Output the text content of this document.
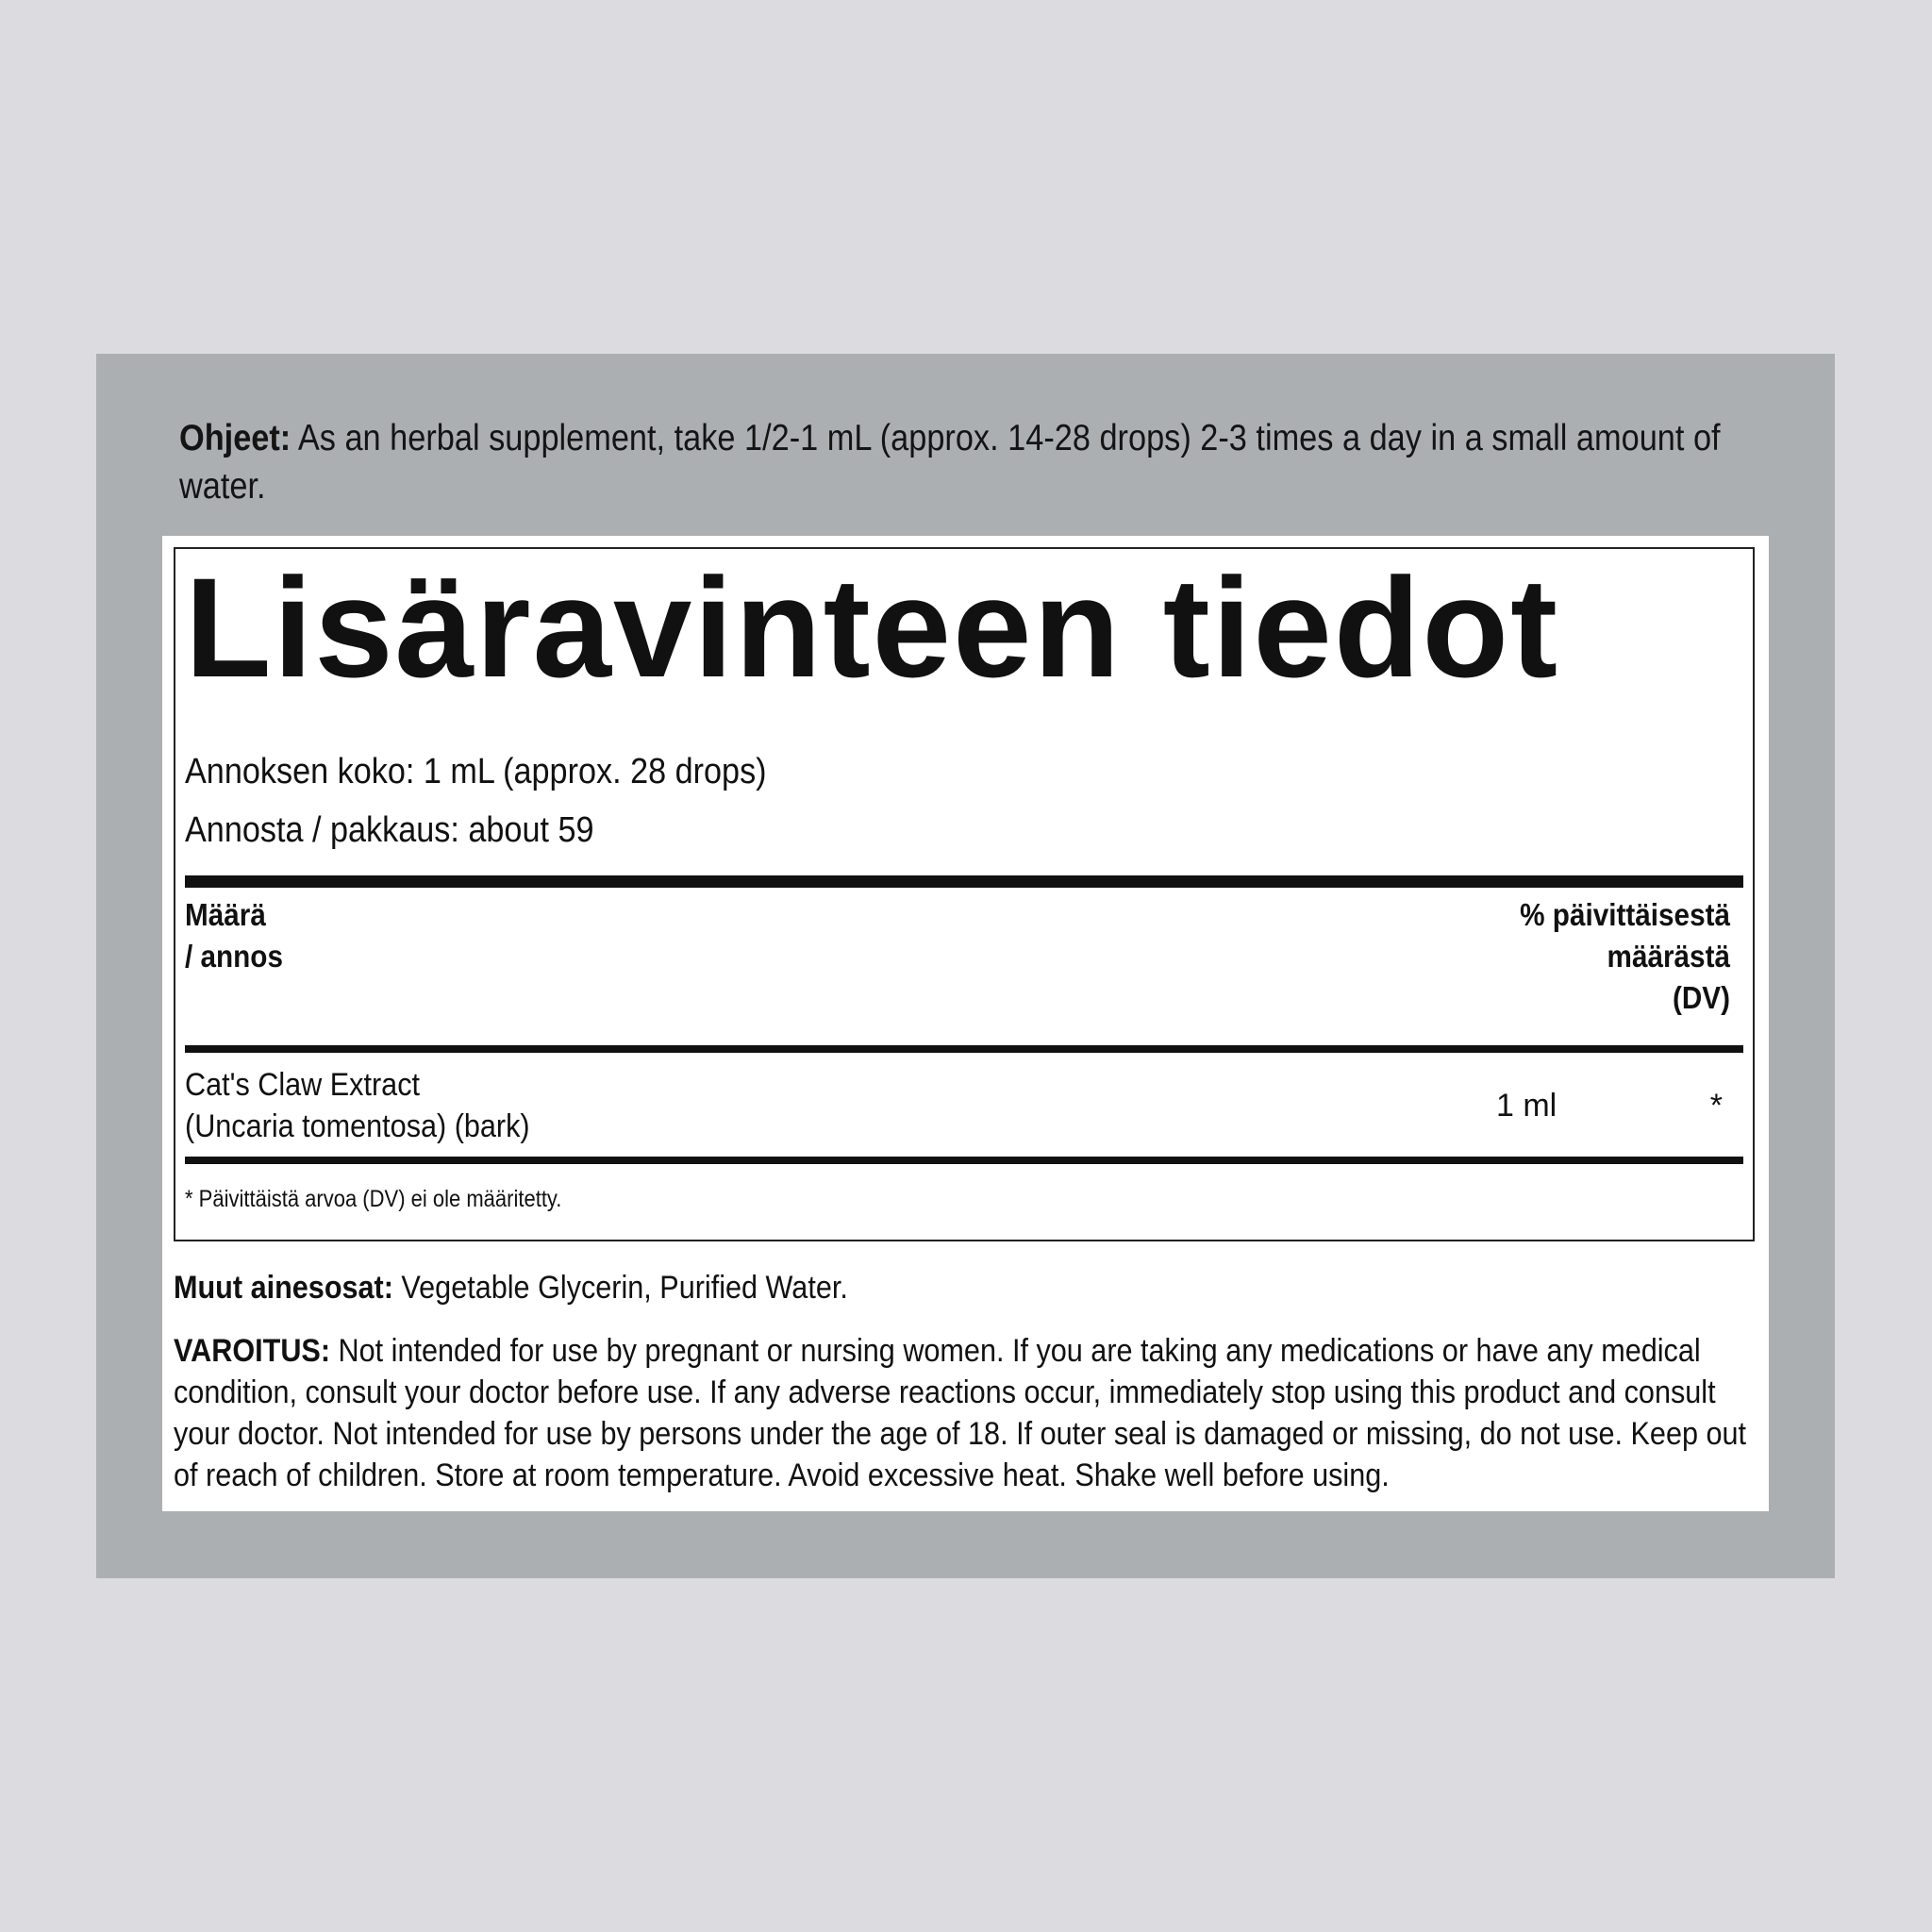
Ohjeet: As an herbal supplement, take 1/2-1 mL (approx. 14-28 drops) 2-3 times a day in a small amount of water.
Lisäravinteen tiedot
Annoksen koko: 1 mL (approx. 28 drops)
Annosta / pakkaus: about 59
Määrä
/ annos
% päivittäisestä
määrästä
(DV)
Cat's Claw Extract
(Uncaria tomentosa) (bark)
1 ml	*
* Päivittäistä arvoa (DV) ei ole määritetty.
Muut ainesosat: Vegetable Glycerin, Purified Water.
VAROITUS: Not intended for use by pregnant or nursing women. If you are taking any medications or have any medical condition, consult your doctor before use. If any adverse reactions occur, immediately stop using this product and consult your doctor. Not intended for use by persons under the age of 18. If outer seal is damaged or missing, do not use. Keep out of reach of children. Store at room temperature. Avoid excessive heat. Shake well before using.
